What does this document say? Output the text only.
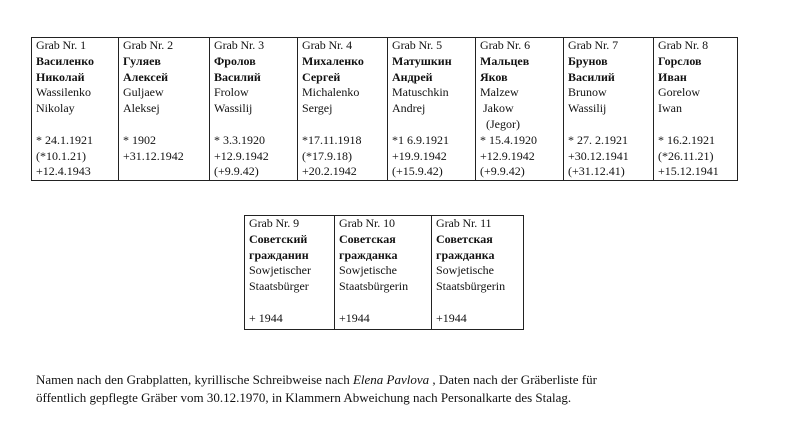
Grab Nr. 1
Василенко
Николай
Wassilenko
Nikolay
* 24.1.1921
(*10.1.21)
+12.4.1943

Grab Nr. 2
Гуляев
Алексей
Guljaew
Aleksej
* 1902
+31.12.1942

Grab Nr. 3
Фролов
Василий
Frolow
Wassilij
* 3.3.1920
+12.9.1942
(+9.9.42)

Grab Nr. 4
Михаленко
Сергей
Michalenko
Sergej
*17.11.1918
(*17.9.18)
+20.2.1942

Grab Nr. 5
Матушкин
Андрей
Matuschkin
Andrej
*1 6.9.1921
+19.9.1942
(+15.9.42)

Grab Nr. 6
Мальцев
Яков
Malzew
Jakow
(Jegor)
* 15.4.1920
+12.9.1942
(+9.9.42)

Grab Nr. 7
Брунов
Василий
Brunow
Wassilij
* 27. 2.1921
+30.12.1941
(+31.12.41)

Grab Nr. 8
Горслов
Иван
Gorelow
Iwan
* 16.2.1921
(*26.11.21)
+15.12.1941
Grab Nr. 9
Советский
гражданин
Sowjetischer
Staatsbürger
+ 1944

Grab Nr. 10
Советская
гражданка
Sowjetische
Staatsbürgerin
+1944

Grab Nr. 11
Советская
гражданка
Sowjetische
Staatsbürgerin
+1944
Namen nach den Grabplatten, kyrillische Schreibweise nach Elena Pavlova , Daten nach der Gräberliste für
öffentlich gepflegte Gräber vom 30.12.1970, in Klammern Abweichung nach Personalkarte des Stalag.
